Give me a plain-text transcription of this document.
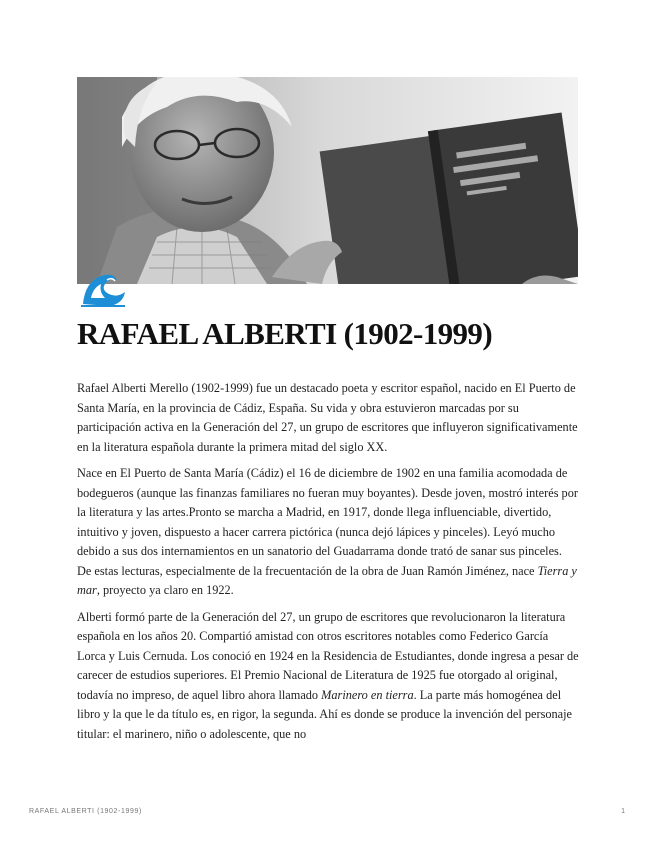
RAFAEL ALBERTI (1902-1999)

Rafael Alberti Merello (1902-1999) fue un destacado poeta y escritor español, nacido en El Puerto de Santa María, en la provincia de Cádiz, España. Su vida y obra estuvieron marcadas por su participación activa en la Generación del 27, un grupo de escritores que influyeron significativamente en la literatura española durante la primera mitad del siglo XX.

Nace en El Puerto de Santa María (Cádiz) el 16 de diciembre de 1902 en una familia acomodada de bodegueros (aunque las finanzas familiares no fueran muy boyantes). Desde joven, mostró interés por la literatura y las artes.Pronto se marcha a Madrid, en 1917, donde llega influenciable, divertido, intuitivo y joven, dispuesto a hacer carrera pictórica (nunca dejó lápices y pinceles). Leyó mucho debido a sus dos internamientos en un sanatorio del Guadarrama donde trató de sanar sus pinceles. De estas lecturas, especialmente de la frecuentación de la obra de Juan Ramón Jiménez, nace Tierra y mar, proyecto ya claro en 1922.

Alberti formó parte de la Generación del 27, un grupo de escritores que revolucionaron la literatura española en los años 20. Compartió amistad con otros escritores notables como Federico García Lorca y Luis Cernuda. Los conoció en 1924 en la Residencia de Estudiantes, donde ingresa a pesar de carecer de estudios superiores. El Premio Nacional de Literatura de 1925 fue otorgado al original, todavía no impreso, de aquel libro ahora llamado Marinero en tierra. La parte más homogénea del libro y la que le da título es, en rigor, la segunda. Ahí es donde se produce la invención del personaje titular: el marinero, niño o adolescente, que no

RAFAEL ALBERTI (1902-1999)	1
